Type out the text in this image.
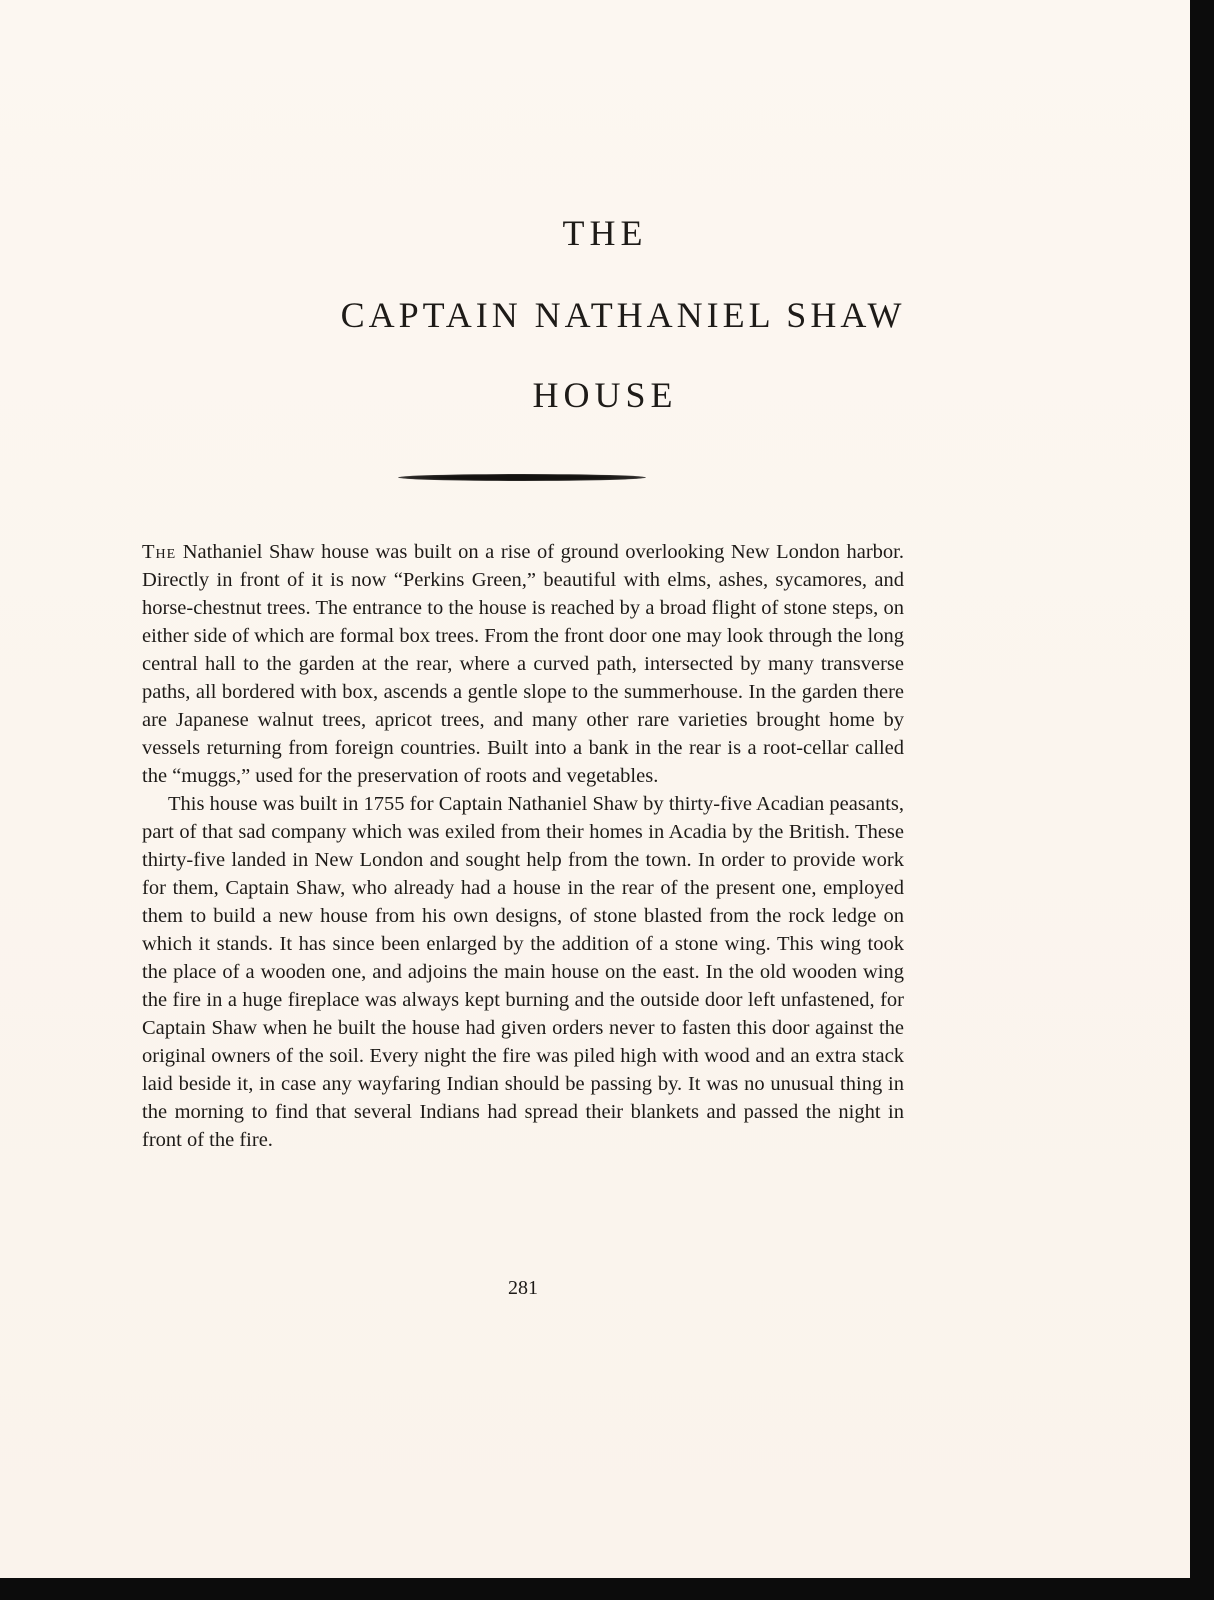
THE
CAPTAIN NATHANIEL SHAW
HOUSE

The Nathaniel Shaw house was built on a rise of ground overlooking New London harbor. Directly in front of it is now “Perkins Green,” beautiful with elms, ashes, sycamores, and horse-chestnut trees. The entrance to the house is reached by a broad flight of stone steps, on either side of which are formal box trees. From the front door one may look through the long central hall to the garden at the rear, where a curved path, intersected by many transverse paths, all bordered with box, ascends a gentle slope to the summerhouse. In the garden there are Japanese walnut trees, apricot trees, and many other rare varieties brought home by vessels returning from foreign countries. Built into a bank in the rear is a root-cellar called the “muggs,” used for the preservation of roots and vegetables.

This house was built in 1755 for Captain Nathaniel Shaw by thirty-five Acadian peasants, part of that sad company which was exiled from their homes in Acadia by the British. These thirty-five landed in New London and sought help from the town. In order to provide work for them, Captain Shaw, who already had a house in the rear of the present one, employed them to build a new house from his own designs, of stone blasted from the rock ledge on which it stands. It has since been enlarged by the addition of a stone wing. This wing took the place of a wooden one, and adjoins the main house on the east. In the old wooden wing the fire in a huge fireplace was always kept burning and the outside door left unfastened, for Captain Shaw when he built the house had given orders never to fasten this door against the original owners of the soil. Every night the fire was piled high with wood and an extra stack laid beside it, in case any wayfaring Indian should be passing by. It was no unusual thing in the morning to find that several Indians had spread their blankets and passed the night in front of the fire.

281
